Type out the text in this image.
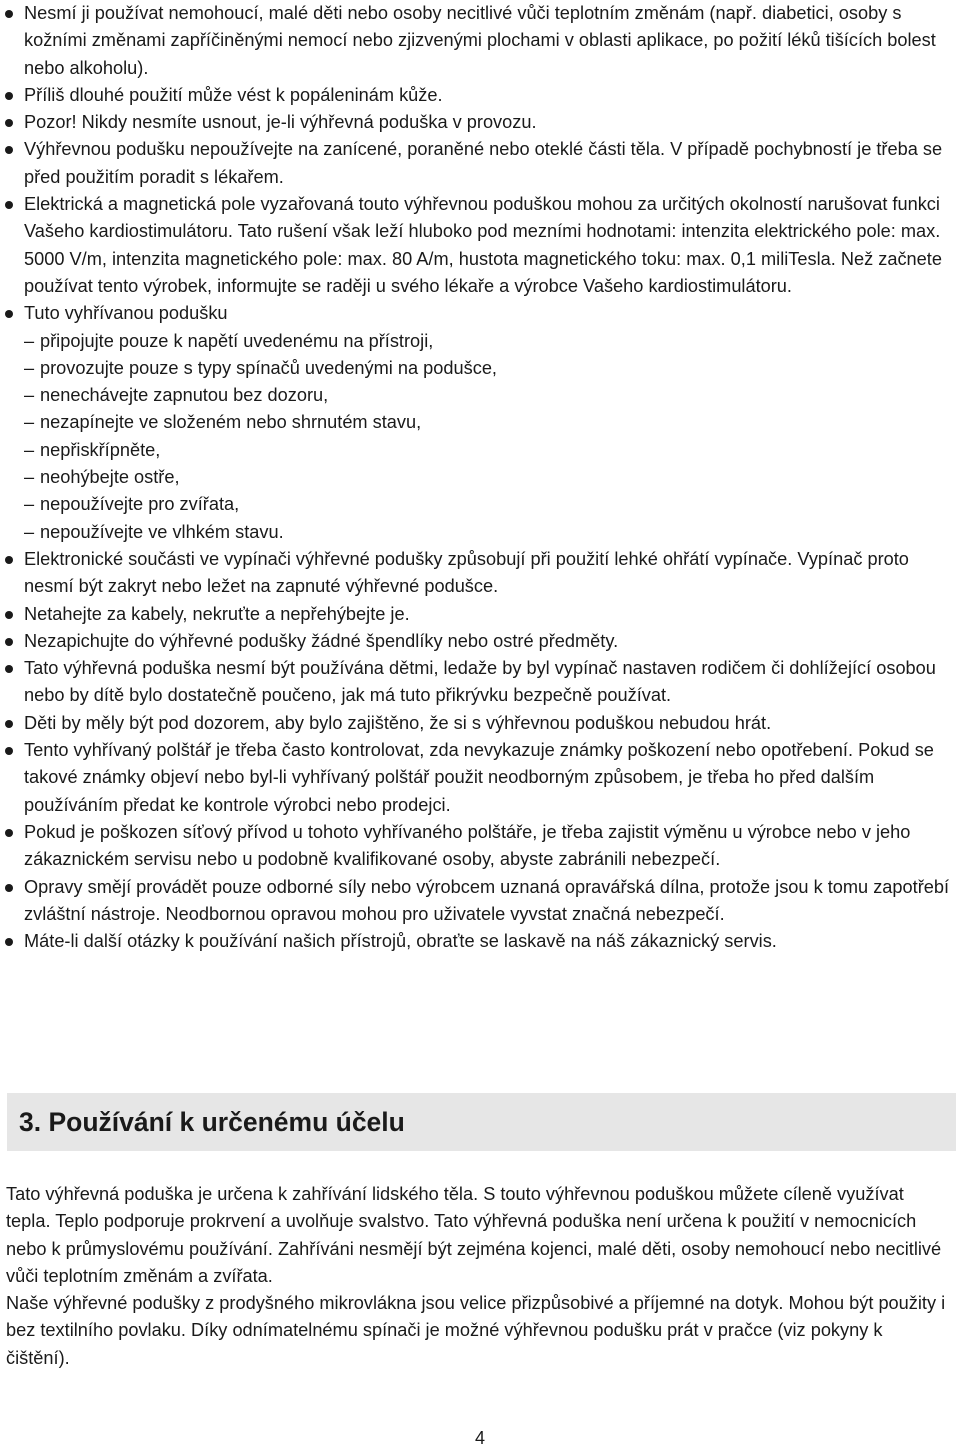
Nesmí ji používat nemohoucí, malé děti nebo osoby necitlivé vůči teplotním změnám (např. diabetici, osoby s kožními změnami zapříčiněnými nemocí nebo zjizvenými plochami v oblasti aplikace, po požití léků tišících bolest nebo alkoholu).
Příliš dlouhé použití může vést k popáleninám kůže.
Pozor! Nikdy nesmíte usnout, je-li výhřevná poduška v provozu.
Výhřevnou podušku nepoužívejte na zanícené, poraněné nebo oteklé části těla. V případě pochybností je třeba se před použitím poradit s lékařem.
Elektrická a magnetická pole vyzařovaná touto výhřevnou poduškou mohou za určitých okolností narušovat funkci Vašeho kardiostimulátoru. Tato rušení však leží hluboko pod mezními hodnotami: intenzita elektrického pole: max. 5000 V/m, intenzita magnetického pole: max. 80 A/m, hustota magnetického toku: max. 0,1 miliTesla. Než začnete používat tento výrobek, informujte se raději u svého lékaře a výrobce Vašeho kardiostimulátoru.
Tuto vyhřívanou podušku
– připojujte pouze k napětí uvedenému na přístroji,
– provozujte pouze s typy spínačů uvedenými na podušce,
– nenechávejte zapnutou bez dozoru,
– nezapínejte ve složeném nebo shrnutém stavu,
– nepřiskřípněte,
– neohýbejte ostře,
– nepoužívejte pro zvířata,
– nepoužívejte ve vlhkém stavu.
Elektronické součásti ve vypínači výhřevné podušky způsobují při použití lehké ohřátí vypínače. Vypínač proto nesmí být zakryt nebo ležet na zapnuté výhřevné podušce.
Netahejte za kabely, nekruťte a nepřehýbejte je.
Nezapichujte do výhřevné podušky žádné špendlíky nebo ostré předměty.
Tato výhřevná poduška nesmí být používána dětmi, ledaže by byl vypínač nastaven rodičem či dohlížející osobou nebo by dítě bylo dostatečně poučeno, jak má tuto přikrývku bezpečně používat.
Děti by měly být pod dozorem, aby bylo zajištěno, že si s výhřevnou poduškou nebudou hrát.
Tento vyhřívaný polštář je třeba často kontrolovat, zda nevykazuje známky poškození nebo opotřebení. Pokud se takové známky objeví nebo byl-li vyhřívaný polštář použit neodborným způsobem, je třeba ho před dalším používáním předat ke kontrole výrobci nebo prodejci.
Pokud je poškozen síťový přívod u tohoto vyhřívaného polštáře, je třeba zajistit výměnu u výrobce nebo v jeho zákaznickém servisu nebo u podobně kvalifikované osoby, abyste zabránili nebezpečí.
Opravy smějí provádět pouze odborné síly nebo výrobcem uznaná opravářská dílna, protože jsou k tomu zapotřebí zvláštní nástroje. Neodbornou opravou mohou pro uživatele vyvstat značná nebezpečí.
Máte-li další otázky k používání našich přístrojů, obraťte se laskavě na náš zákaznický servis.
3. Používání k určenému účelu

Tato výhřevná poduška je určena k zahřívání lidského těla. S touto výhřevnou poduškou můžete cíleně využívat tepla. Teplo podporuje prokrvení a uvolňuje svalstvo. Tato výhřevná poduška není určena k použití v nemocnicích nebo k průmyslovému používání. Zahříváni nesmějí být zejména kojenci, malé děti, osoby nemohoucí nebo necitlivé vůči teplotním změnám a zvířata.

Naše výhřevné podušky z prodyšného mikrovlákna jsou velice přizpůsobivé a příjemné na dotyk. Mohou být použity i bez textilního povlaku. Díky odnímatelnému spínači je možné výhřevnou podušku prát v pračce (viz pokyny k čištění).

4
